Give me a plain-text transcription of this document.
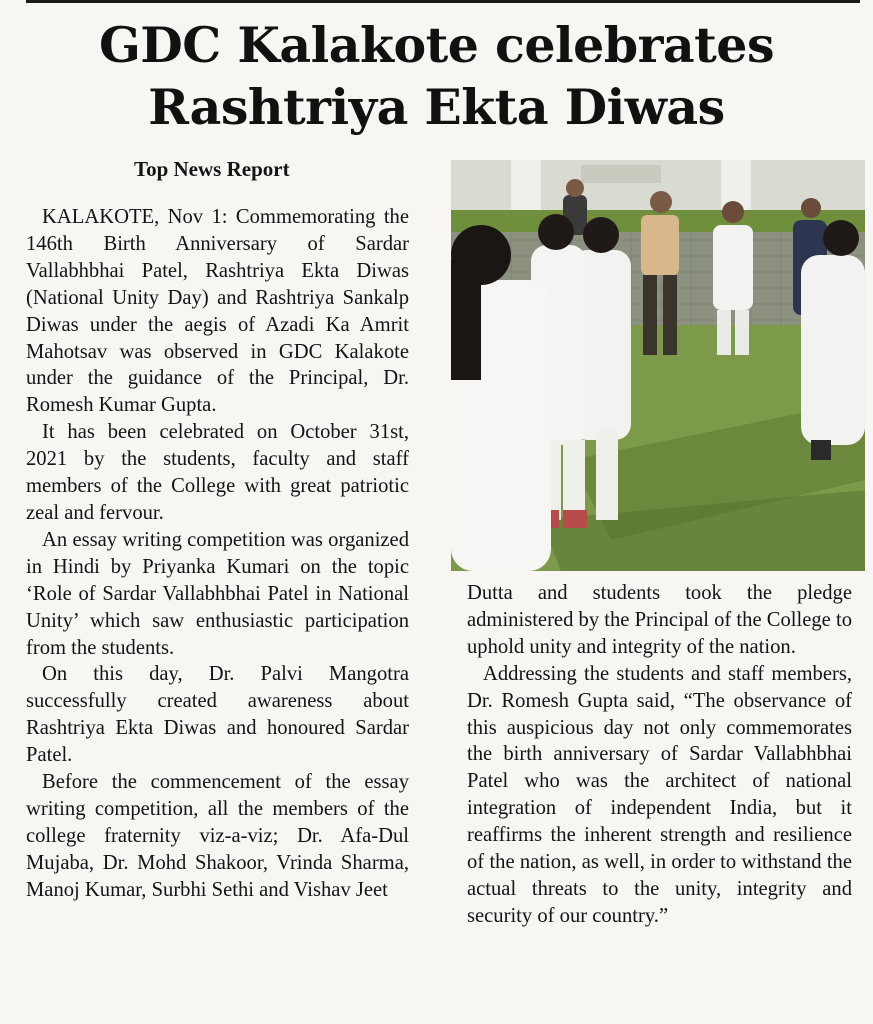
GDC Kalakote celebrates
Rashtriya Ekta Diwas
Top News Report

KALAKOTE, Nov 1: Commemorating the 146th Birth Anniversary of Sardar Vallabhbhai Patel, Rashtriya Ekta Diwas (National Unity Day) and Rashtriya Sankalp Diwas under the aegis of Azadi Ka Amrit Mahotsav was observed in GDC Kalakote under the guidance of the Principal, Dr. Romesh Kumar Gupta.

It has been celebrated on October 31st, 2021 by the students, faculty and staff members of the College with great patriotic zeal and fervour.

An essay writing competition was organized in Hindi by Priyanka Kumari on the topic ‘Role of Sardar Vallabhbhai Patel in National Unity’ which saw enthusiastic participation from the students.

On this day, Dr. Palvi Mangotra successfully created awareness about Rashtriya Ekta Diwas and honoured Sardar Patel.

Before the commencement of the essay writing competition, all the members of the college fraternity viz-a-viz; Dr. Afa-Dul Mujaba, Dr. Mohd Shakoor, Vrinda Sharma, Manoj Kumar, Surbhi Sethi and Vishav Jeet

Dutta and students took the pledge administered by the Principal of the College to uphold unity and integrity of the nation.

Addressing the students and staff members, Dr. Romesh Gupta said, “The observance of this auspicious day not only commemorates the birth anniversary of Sardar Vallabhbhai Patel who was the architect of national integration of independent India, but it reaffirms the inherent strength and resilience of the nation, as well, in order to withstand the actual threats to the unity, integrity and security of our country.”
